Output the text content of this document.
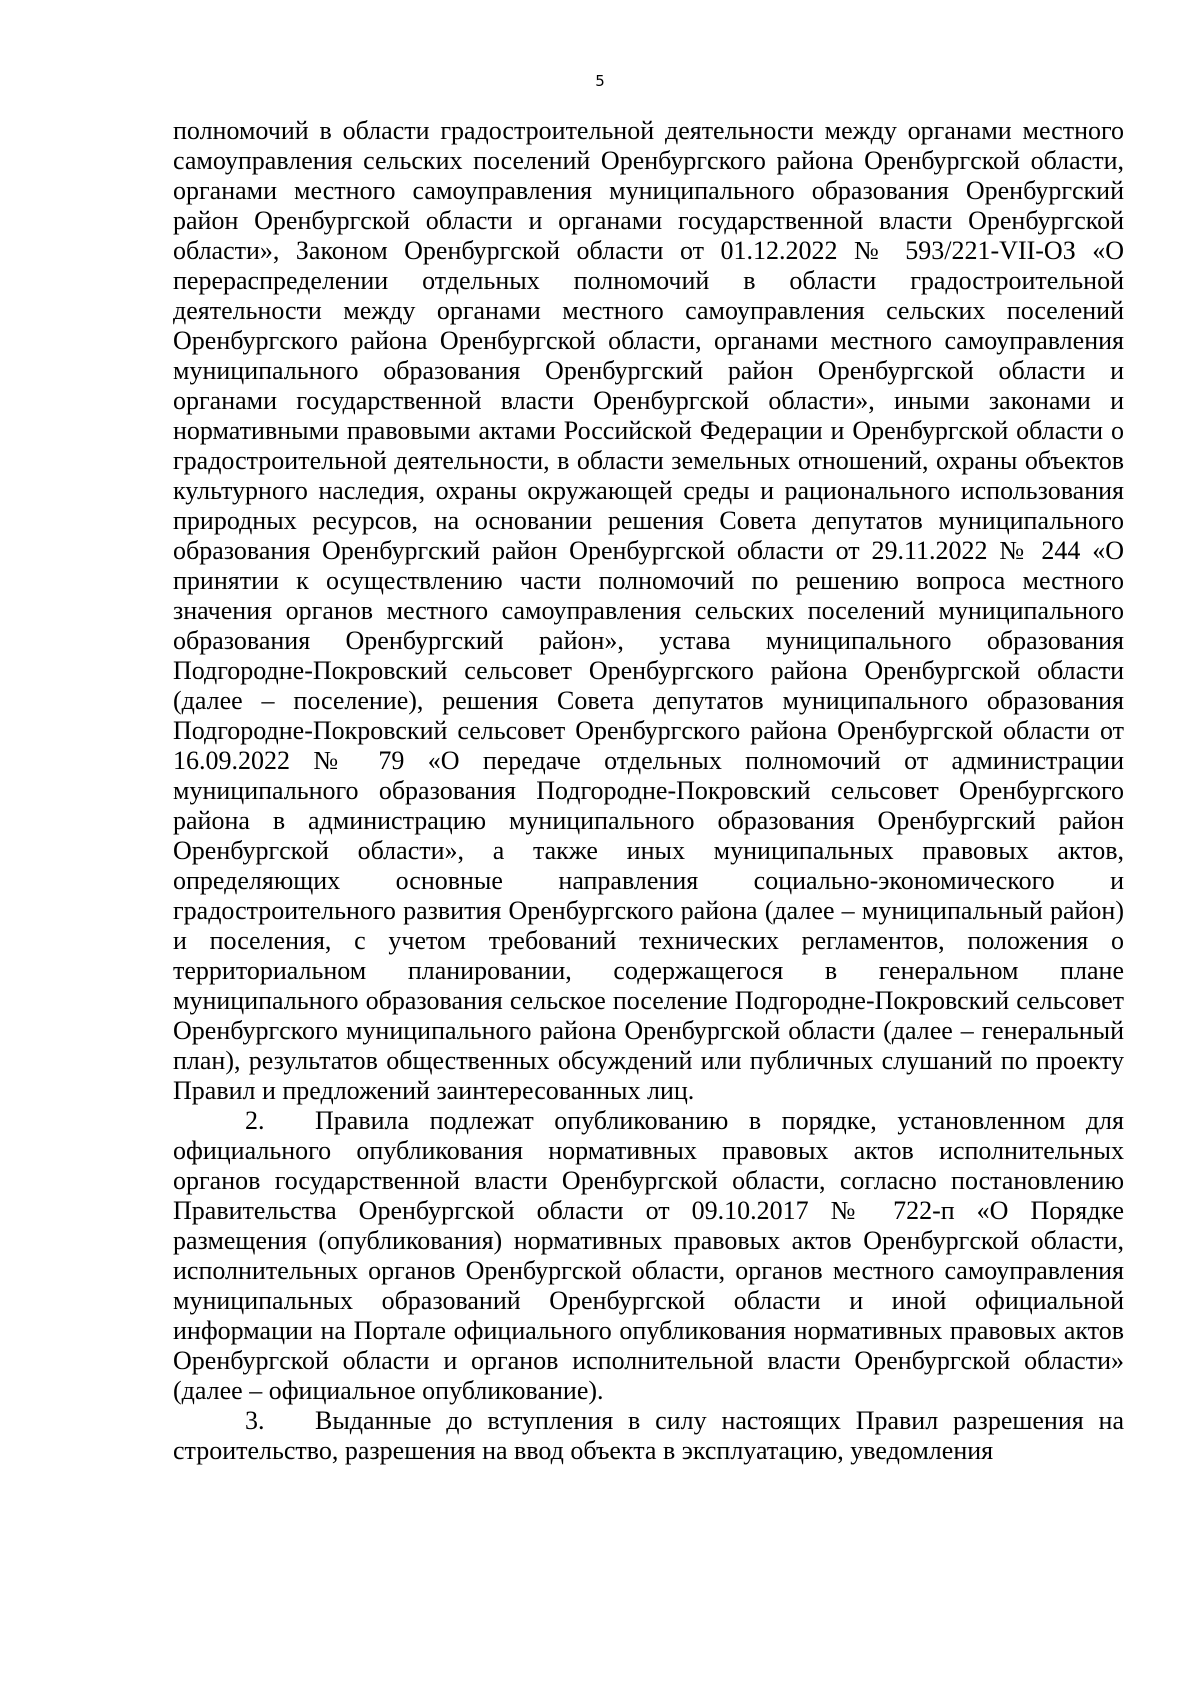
5

полномочий в области градостроительной деятельности между органами местного самоуправления сельских поселений Оренбургского района Оренбургской области, органами местного самоуправления муниципального образования Оренбургский район Оренбургской области и органами государственной власти Оренбургской области», Законом Оренбургской области от 01.12.2022 № 593/221-VII-ОЗ «О перераспределении отдельных полномочий в области градостроительной деятельности между органами местного самоуправления сельских поселений Оренбургского района Оренбургской области, органами местного самоуправления муниципального образования Оренбургский район Оренбургской области и органами государственной власти Оренбургской области», иными законами и нормативными правовыми актами Российской Федерации и Оренбургской области о градостроительной деятельности, в области земельных отношений, охраны объектов культурного наследия, охраны окружающей среды и рационального использования природных ресурсов, на основании решения Совета депутатов муниципального образования Оренбургский район Оренбургской области от 29.11.2022 № 244 «О принятии к осуществлению части полномочий по решению вопроса местного значения органов местного самоуправления сельских поселений муниципального образования Оренбургский район», устава муниципального образования Подгородне-Покровский сельсовет Оренбургского района Оренбургской области (далее – поселение), решения Совета депутатов муниципального образования Подгородне-Покровский сельсовет Оренбургского района Оренбургской области от 16.09.2022 № 79 «О передаче отдельных полномочий от администрации муниципального образования Подгородне-Покровский сельсовет Оренбургского района в администрацию муниципального образования Оренбургский район Оренбургской области», а также иных муниципальных правовых актов, определяющих основные направления социально-экономического и градостроительного развития Оренбургского района (далее – муниципальный район) и поселения, с учетом требований технических регламентов, положения о территориальном планировании, содержащегося в генеральном плане муниципального образования сельское поселение Подгородне-Покровский сельсовет Оренбургского муниципального района Оренбургской области (далее – генеральный план), результатов общественных обсуждений или публичных слушаний по проекту Правил и предложений заинтересованных лиц.

2. Правила подлежат опубликованию в порядке, установленном для официального опубликования нормативных правовых актов исполнительных органов государственной власти Оренбургской области, согласно постановлению Правительства Оренбургской области от 09.10.2017 № 722-п «О Порядке размещения (опубликования) нормативных правовых актов Оренбургской области, исполнительных органов Оренбургской области, органов местного самоуправления муниципальных образований Оренбургской области и иной официальной информации на Портале официального опубликования нормативных правовых актов Оренбургской области и органов исполнительной власти Оренбургской области» (далее – официальное опубликование).

3. Выданные до вступления в силу настоящих Правил разрешения на строительство, разрешения на ввод объекта в эксплуатацию, уведомления
